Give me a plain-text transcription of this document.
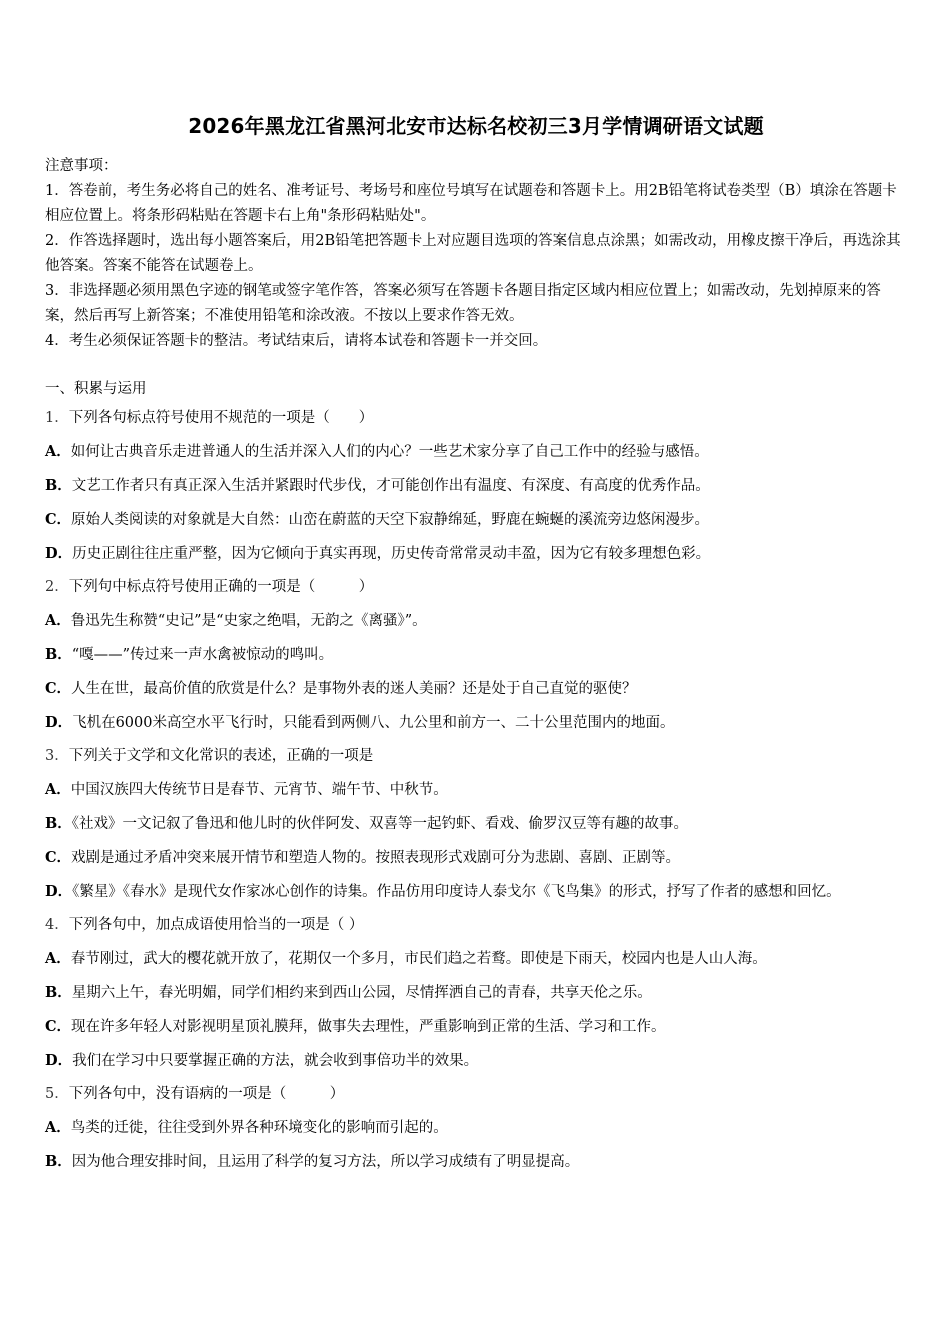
2026年黑龙江省黑河北安市达标名校初三3月学情调研语文试题

注意事项：

1．答卷前，考生务必将自己的姓名、准考证号、考场号和座位号填写在试题卷和答题卡上。用2B铅笔将试卷类型（B）填涂在答题卡相应位置上。将条形码粘贴在答题卡右上角"条形码粘贴处"。

2．作答选择题时，选出每小题答案后，用2B铅笔把答题卡上对应题目选项的答案信息点涂黑；如需改动，用橡皮擦干净后，再选涂其他答案。答案不能答在试题卷上。

3．非选择题必须用黑色字迹的钢笔或签字笔作答，答案必须写在答题卡各题目指定区域内相应位置上；如需改动，先划掉原来的答案，然后再写上新答案；不准使用铅笔和涂改液。不按以上要求作答无效。

4．考生必须保证答题卡的整洁。考试结束后，请将本试卷和答题卡一并交回。

一、积累与运用

1．下列各句标点符号使用不规范的一项是（　　）

A．如何让古典音乐走进普通人的生活并深入人们的内心？一些艺术家分享了自己工作中的经验与感悟。

B．文艺工作者只有真正深入生活并紧跟时代步伐，才可能创作出有温度、有深度、有高度的优秀作品。

C．原始人类阅读的对象就是大自然：山峦在蔚蓝的天空下寂静绵延，野鹿在蜿蜒的溪流旁边悠闲漫步。

D．历史正剧往往庄重严整，因为它倾向于真实再现，历史传奇常常灵动丰盈，因为它有较多理想色彩。

2．下列句中标点符号使用正确的一项是（　　　）

A．鲁迅先生称赞“史记”是“史家之绝唱，无韵之《离骚》”。

B．“嘎——”传过来一声水禽被惊动的鸣叫。

C．人生在世，最高价值的欣赏是什么？是事物外表的迷人美丽？还是处于自己直觉的驱使？

D．飞机在6000米高空水平飞行时，只能看到两侧八、九公里和前方一、二十公里范围内的地面。

3．下列关于文学和文化常识的表述，正确的一项是

A．中国汉族四大传统节日是春节、元宵节、端午节、中秋节。

B．《社戏》一文记叙了鲁迅和他儿时的伙伴阿发、双喜等一起钓虾、看戏、偷罗汉豆等有趣的故事。

C．戏剧是通过矛盾冲突来展开情节和塑造人物的。按照表现形式戏剧可分为悲剧、喜剧、正剧等。

D．《繁星》《春水》是现代女作家冰心创作的诗集。作品仿用印度诗人泰戈尔《飞鸟集》的形式，抒写了作者的感想和回忆。

4．下列各句中，加点成语使用恰当的一项是（ ）

A．春节刚过，武大的樱花就开放了，花期仅一个多月，市民们趋之若鹜。即使是下雨天，校园内也是人山人海。

B．星期六上午，春光明媚，同学们相约来到西山公园，尽情挥洒自己的青春，共享天伦之乐。

C．现在许多年轻人对影视明星顶礼膜拜，做事失去理性，严重影响到正常的生活、学习和工作。

D．我们在学习中只要掌握正确的方法，就会收到事倍功半的效果。

5．下列各句中，没有语病的一项是（　　　）

A．鸟类的迁徙，往往受到外界各种环境变化的影响而引起的。

B．因为他合理安排时间，且运用了科学的复习方法，所以学习成绩有了明显提高。
